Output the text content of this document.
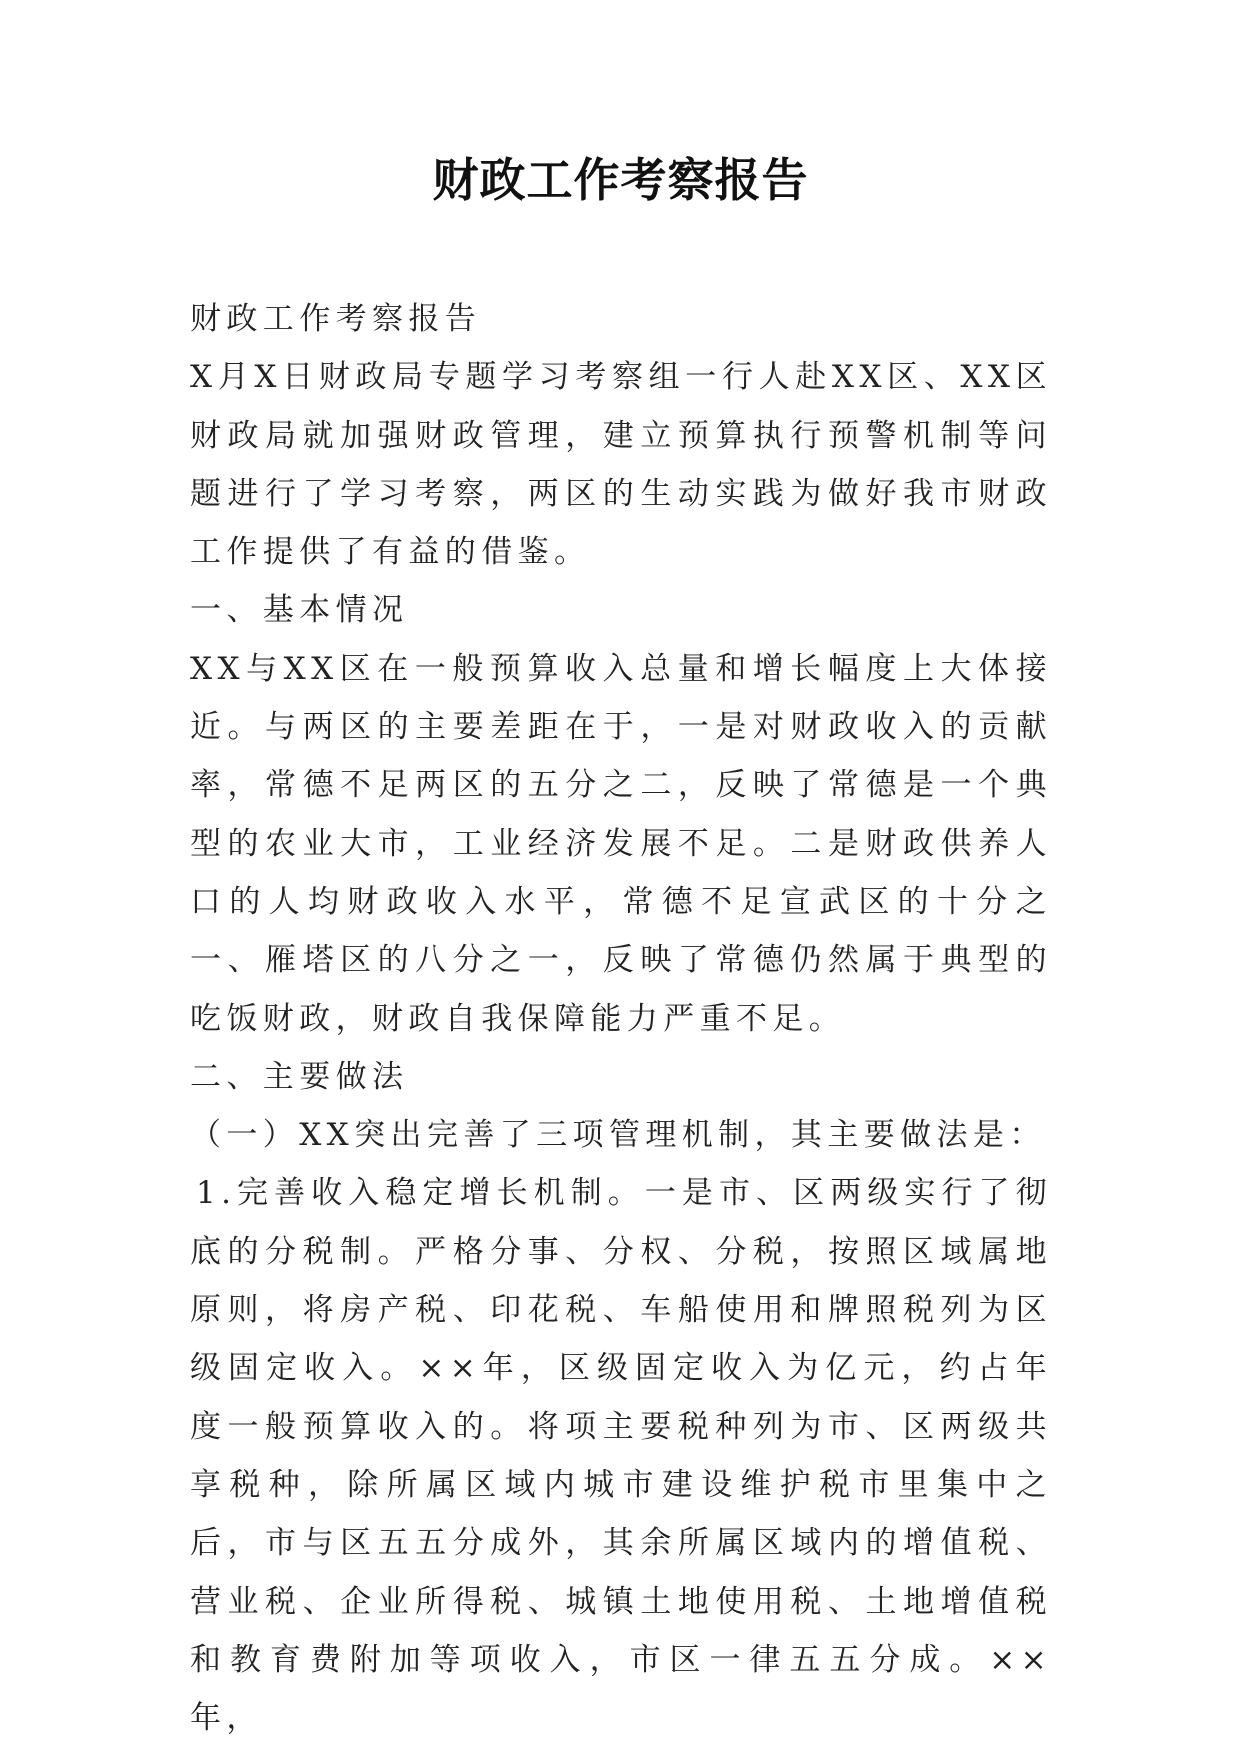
财政工作考察报告

财政工作考察报告

X月X日财政局专题学习考察组一行人赴XX区、XX区财政局就加强财政管理，建立预算执行预警机制等问题进行了学习考察，两区的生动实践为做好我市财政工作提供了有益的借鉴。

一、基本情况

XX与XX区在一般预算收入总量和增长幅度上大体接近。与两区的主要差距在于，一是对财政收入的贡献率，常德不足两区的五分之二，反映了常德是一个典型的农业大市，工业经济发展不足。二是财政供养人口的人均财政收入水平，常德不足宣武区的十分之一、雁塔区的八分之一，反映了常德仍然属于典型的吃饭财政，财政自我保障能力严重不足。

二、主要做法

（一）XX突出完善了三项管理机制，其主要做法是：

1.完善收入稳定增长机制。一是市、区两级实行了彻底的分税制。严格分事、分权、分税，按照区域属地原则，将房产税、印花税、车船使用和牌照税列为区级固定收入。××年，区级固定收入为亿元，约占年度一般预算收入的。将项主要税种列为市、区两级共享税种，除所属区域内城市建设维护税市里集中之后，市与区五五分成外，其余所属区域内的增值税、营业税、企业所得税、城镇土地使用税、土地增值税和教育费附加等项收入，市区一律五五分成。××年，
